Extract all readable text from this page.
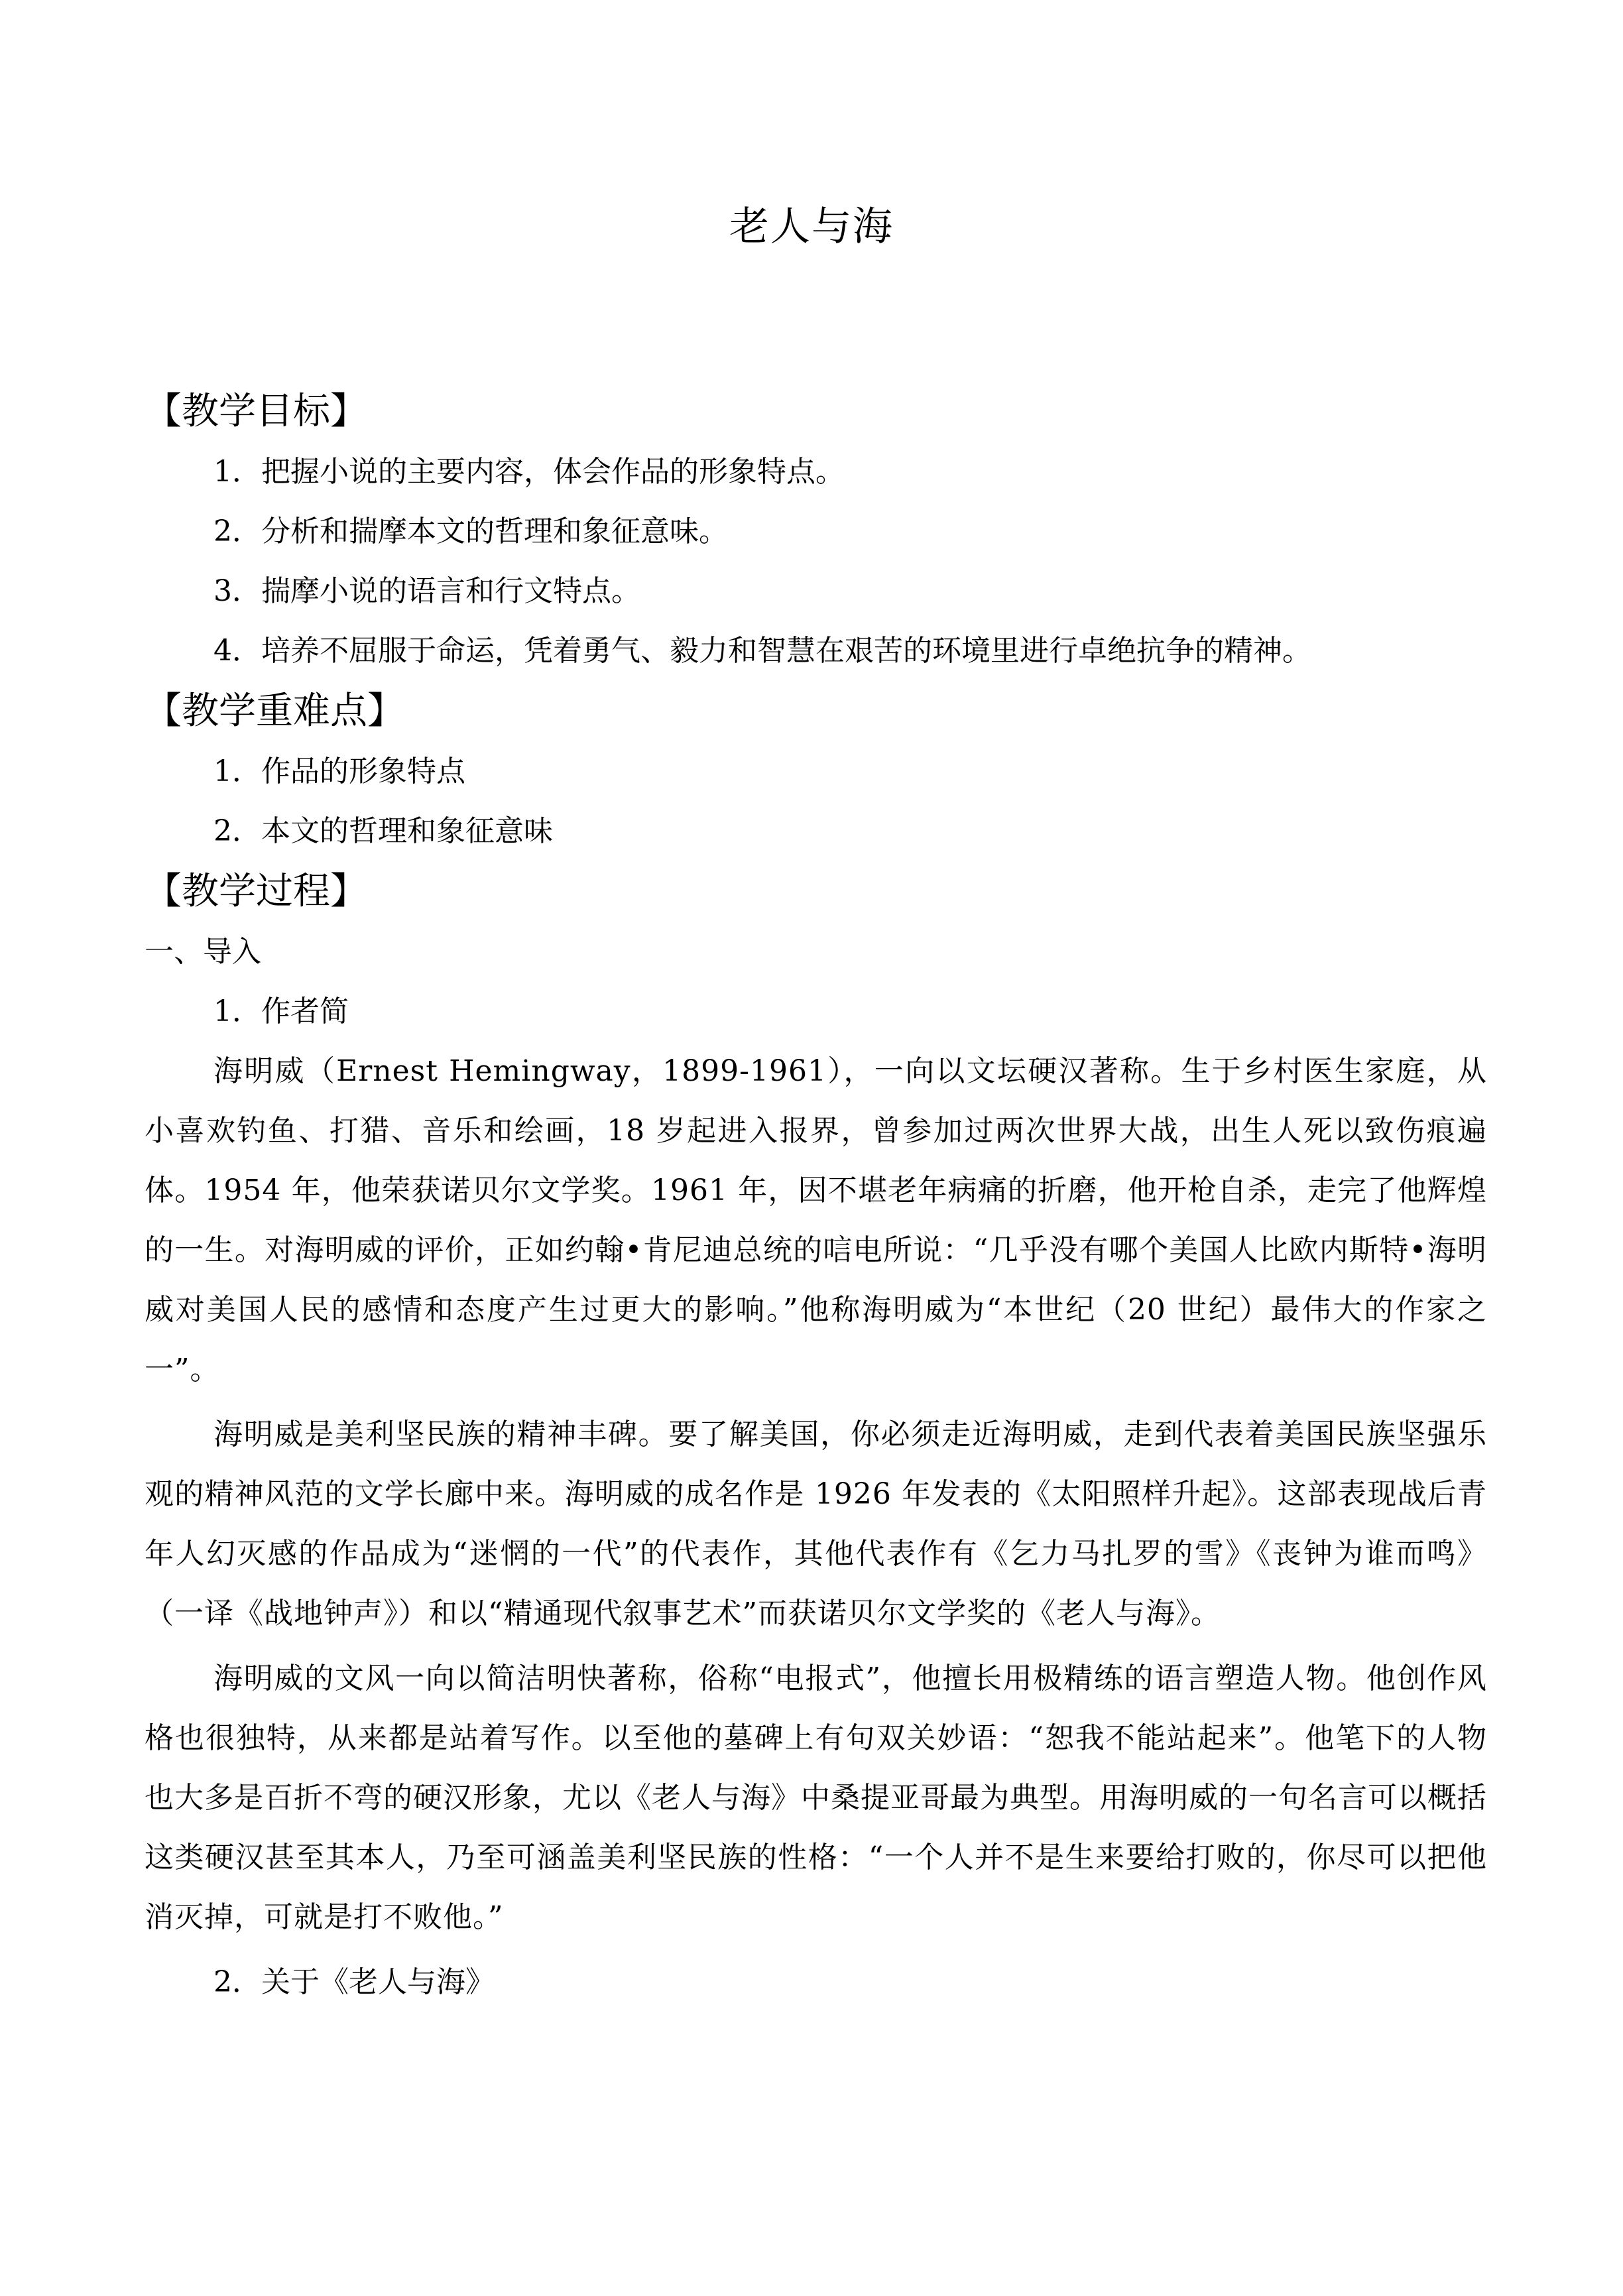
老人与海

【教学目标】

1．把握小说的主要内容，体会作品的形象特点。

2．分析和揣摩本文的哲理和象征意味。

3．揣摩小说的语言和行文特点。

4．培养不屈服于命运，凭着勇气、毅力和智慧在艰苦的环境里进行卓绝抗争的精神。

【教学重难点】

1．作品的形象特点

2．本文的哲理和象征意味

【教学过程】

一、导入

1．作者简

海明威（Ernest Hemingway，1899-1961），一向以文坛硬汉著称。生于乡村医生家庭，从小喜欢钓鱼、打猎、音乐和绘画，18 岁起进入报界，曾参加过两次世界大战，出生人死以致伤痕遍体。1954 年，他荣获诺贝尔文学奖。1961 年，因不堪老年病痛的折磨，他开枪自杀，走完了他辉煌的一生。对海明威的评价，正如约翰•肯尼迪总统的唁电所说：“几乎没有哪个美国人比欧内斯特•海明威对美国人民的感情和态度产生过更大的影响。”他称海明威为“本世纪（20 世纪）最伟大的作家之一”。

海明威是美利坚民族的精神丰碑。要了解美国，你必须走近海明威，走到代表着美国民族坚强乐观的精神风范的文学长廊中来。海明威的成名作是 1926 年发表的《太阳照样升起》。这部表现战后青年人幻灭感的作品成为“迷惘的一代”的代表作，其他代表作有《乞力马扎罗的雪》《丧钟为谁而鸣》（一译《战地钟声》）和以“精通现代叙事艺术”而获诺贝尔文学奖的《老人与海》。

海明威的文风一向以简洁明快著称，俗称“电报式”，他擅长用极精练的语言塑造人物。他创作风格也很独特，从来都是站着写作。以至他的墓碑上有句双关妙语：“恕我不能站起来”。他笔下的人物也大多是百折不弯的硬汉形象，尤以《老人与海》中桑提亚哥最为典型。用海明威的一句名言可以概括这类硬汉甚至其本人，乃至可涵盖美利坚民族的性格：“一个人并不是生来要给打败的，你尽可以把他消灭掉，可就是打不败他。”

2．关于《老人与海》
